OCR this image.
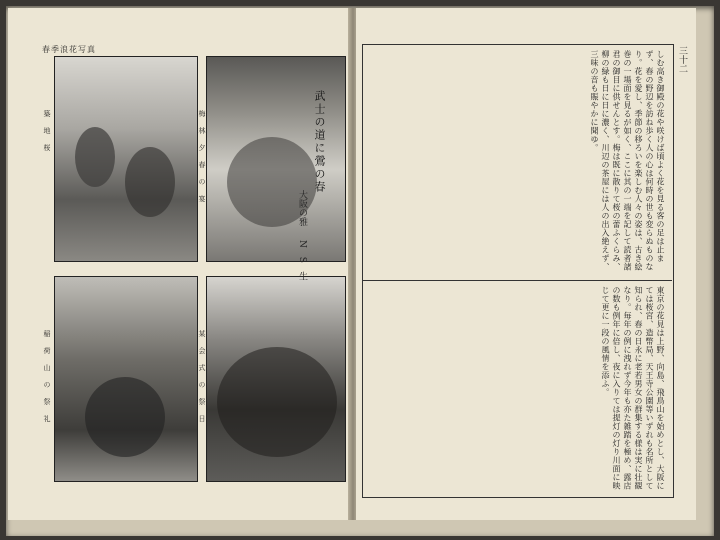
春季浪花写真
梅 林 夕 春 の 宴
某 会 式 の 祭 日
築 地 桜
稲 荷 山 の 祭 礼
三十二
しむ高き御殿の花や咲けば頃よく花を見る客の足は止まず、春の野辺を訪ね歩く人の心は何時の世も変らぬものなり。花を愛し、季節の移ろいを楽しむ人々の姿は、古き絵巻の一場面を見るが如く、ここに其の一端を記して読者諸君の御目に供せんとす。梅は既に散りて桜の蕾ふくらみ、柳の緑も日に日に濃く、川辺の茶屋には人の出入絶えず、三味の音も賑やかに聞ゆ。
武士の道に鶯の春
大阪の雅
N S 生
東京の花見は上野、向島、飛鳥山を始めとし、大阪にては桜宮、造幣局、天王寺公園等いずれも名所として知られ、春の日永に老若男女の群集する様は実に壮観なり。毎年の例に洩れず今年も亦た雑踏を極め、露店の数も例年に倍し、夜に入りては提灯の灯り川面に映じて更に一段の風情を添ふ。
